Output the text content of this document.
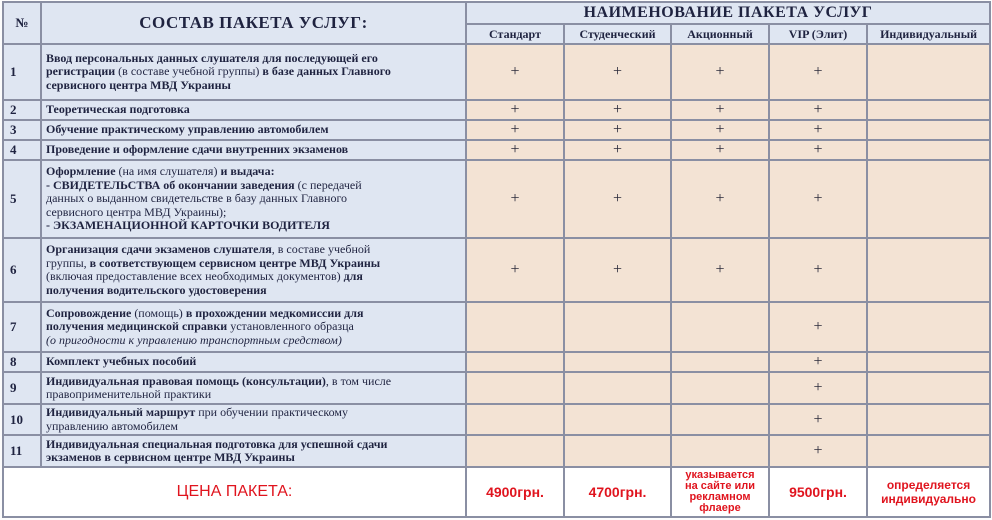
№	СОСТАВ ПАКЕТА УСЛУГ:	НАИМЕНОВАНИЕ ПАКЕТА УСЛУГ				
		Стандарт	Студенческий	Акционный	VIP (Элит)	Индивидуальный
1	Ввод персональных данных слушателя для последующей его
регистрации (в составе учебной группы) в базе данных Главного
сервисного центра МВД Украины	+	+	+	+	
2	Теоретическая подготовка	+	+	+	+	
3	Обучение практическому управлению автомобилем	+	+	+	+	
4	Проведение и оформление сдачи внутренних экзаменов	+	+	+	+	
5	Оформление (на имя слушателя) и выдача:
- СВИДЕТЕЛЬСТВА об окончании заведения (с передачей
данных о выданном свидетельстве в базу данных Главного
сервисного центра МВД Украины);
- ЭКЗАМЕНАЦИОННОЙ КАРТОЧКИ ВОДИТЕЛЯ	+	+	+	+	
6	Организация сдачи экзаменов слушателя, в составе учебной
группы, в соответствующем сервисном центре МВД Украины
(включая предоставление всех необходимых документов) для
получения водительского удостоверения	+	+	+	+	
7	Сопровождение (помощь) в прохождении медкомиссии для
получения медицинской справки установленного образца
(о пригодности к управлению транспортным средством)				+	
8	Комплект учебных пособий				+	
9	Индивидуальная правовая помощь (консультации), в том числе
правоприменительной практики				+	
10	Индивидуальный маршрут при обучении практическому
управлению автомобилем				+	
11	Индивидуальная специальная подготовка для успешной сдачи
экзаменов в сервисном центре МВД Украины				+	
ЦЕНА ПАКЕТА:		4900грн.	4700грн.	указывается
на сайте или
рекламном
флаере	9500грн.	определяется
индивидуально
